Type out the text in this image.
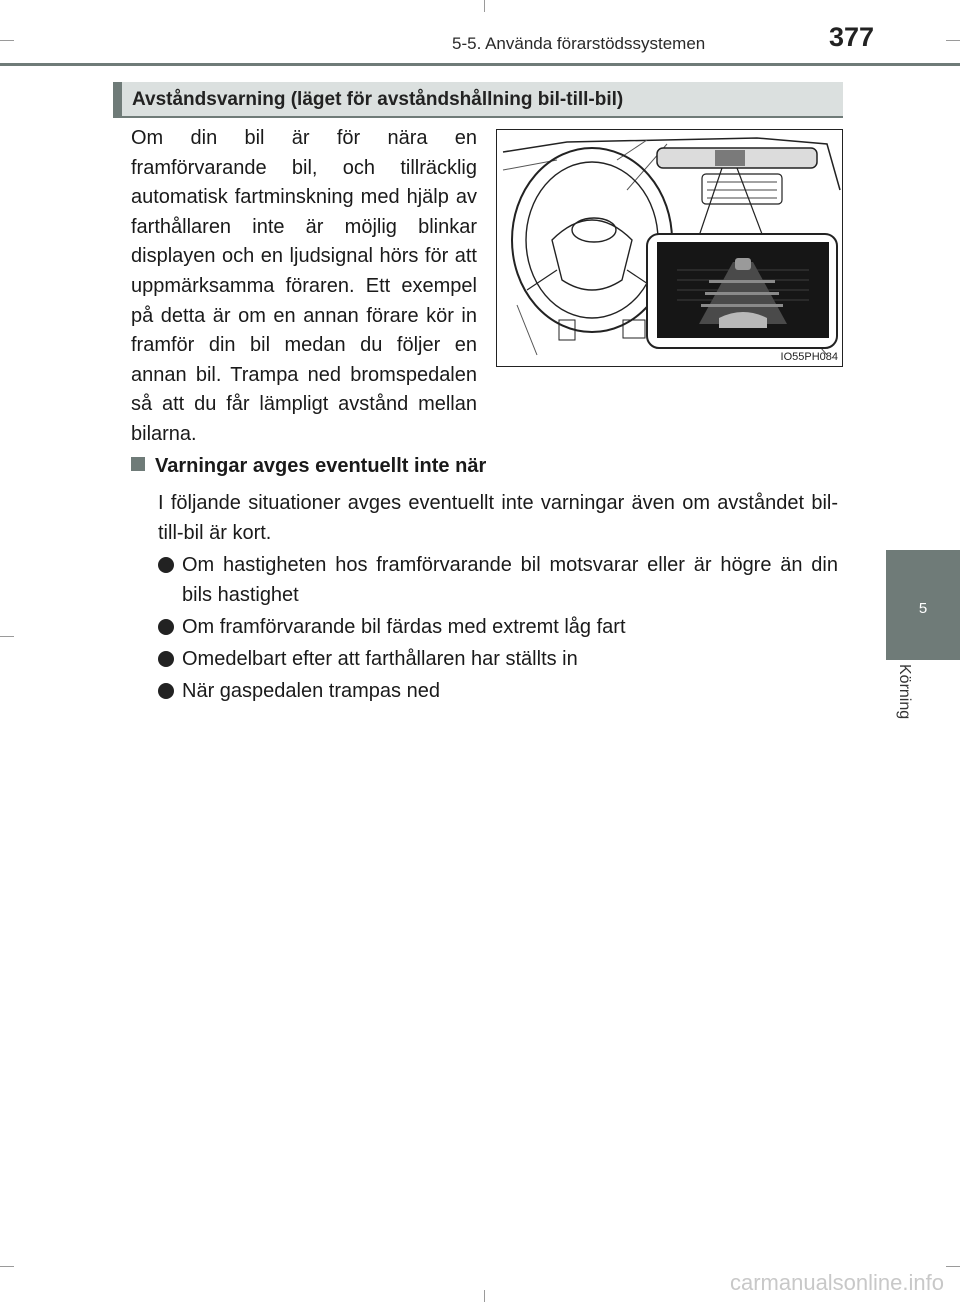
5-5. Använda förarstödssystemen	377
5
Körning
Avståndsvarning (läget för avståndshållning bil-till-bil)
Om din bil är för nära en framförvarande bil, och tillräcklig automatisk fartminskning med hjälp av farthållaren inte är möjlig blinkar displayen och en ljudsignal hörs för att uppmärksamma föraren. Ett exempel på detta är om en annan förare kör in framför din bil medan du följer en annan bil. Trampa ned bromspedalen så att du får lämpligt avstånd mellan bilarna.
IO55PH084
Varningar avges eventuellt inte när
I följande situationer avges eventuellt inte varningar även om avståndet bil-till-bil är kort.
Om hastigheten hos framförvarande bil motsvarar eller är högre än din bils hastighet
Om framförvarande bil färdas med extremt låg fart
Omedelbart efter att farthållaren har ställts in
När gaspedalen trampas ned
carmanualsonline.info
